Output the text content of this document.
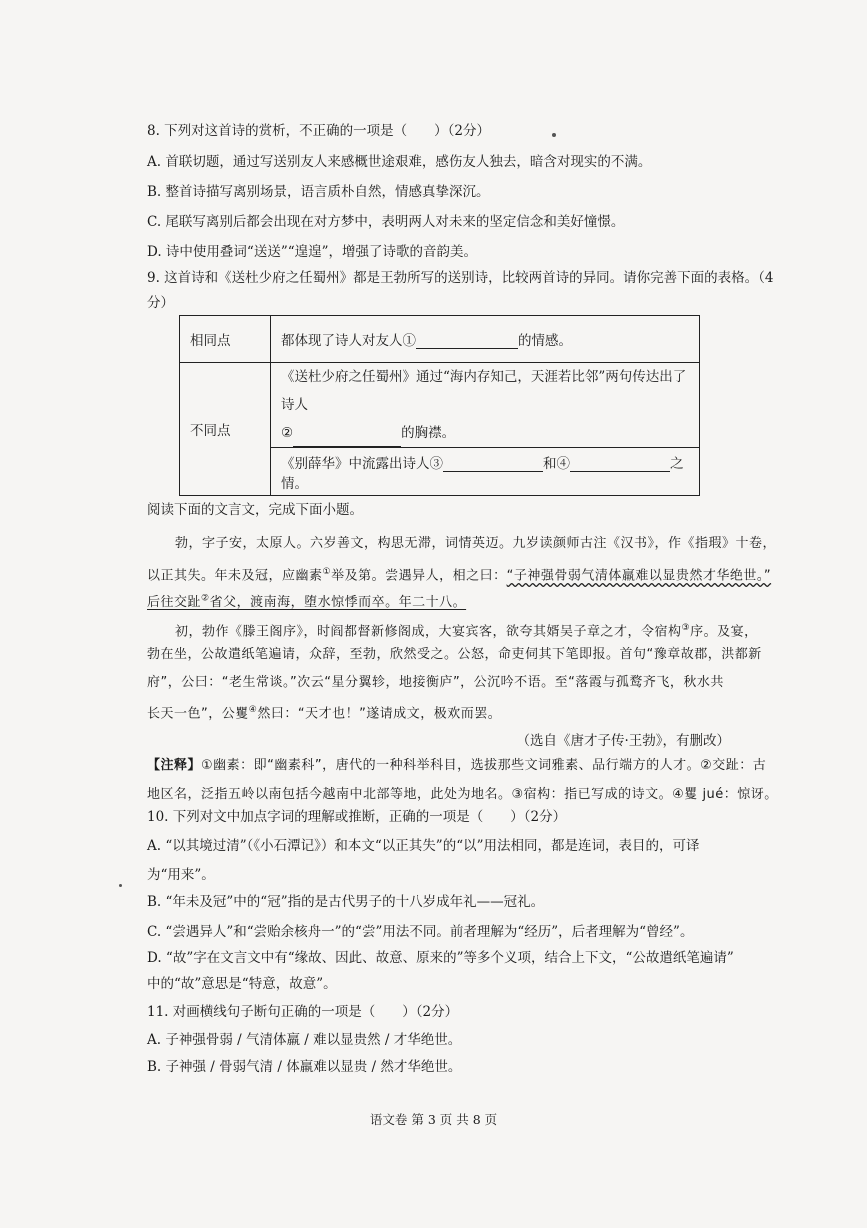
8. 下列对这首诗的赏析，不正确的一项是（　　）（2分）
A. 首联切题，通过写送别友人来感概世途艰难，感伤友人独去，暗含对现实的不满。
B. 整首诗描写离别场景，语言质朴自然，情感真挚深沉。
C. 尾联写离别后都会出现在对方梦中，表明两人对未来的坚定信念和美好憧憬。
D. 诗中使用叠词“送送”“遑遑”，增强了诗歌的音韵美。
9. 这首诗和《送杜少府之任蜀州》都是王勃所写的送别诗，比较两首诗的异同。请你完善下面的表格。（4
分）
相同点	都体现了诗人对友人① 的情感。
不同点	《送杜少府之任蜀州》通过“海内存知己，天涯若比邻”两句传达出了诗人
② 的胸襟。

	《别薛华》中流露出诗人③ 和④ 之情。
阅读下面的文言文，完成下面小题。
勃，字子安，太原人。六岁善文，构思无滞，词情英迈。九岁读颜师古注《汉书》，作《指瑕》十卷，
以正其失。年未及冠，应幽素①举及第。尝遇异人，相之曰：“子神强骨弱气清体羸难以显贵然才华绝世。”
后往交趾②省父，渡南海，堕水惊悸而卒。年二十八。
初，勃作《滕王阁序》，时阎都督新修阁成，大宴宾客，欲夸其婿吴子章之才，令宿构③序。及宴，
勃在坐，公故遣纸笔遍请，众辞，至勃，欣然受之。公怒，命吏伺其下笔即报。首句“豫章故郡，洪都新
府”，公曰：“老生常谈。”次云“星分翼轸，地接衡庐”，公沉吟不语。至“落霞与孤鹜齐飞，秋水共
长天一色”，公矍④然曰：“天才也！”遂请成文，极欢而罢。
（选自《唐才子传·王勃》，有删改）
【注释】①幽素：即“幽素科”，唐代的一种科举科目，选拔那些文词雅素、品行端方的人才。②交趾：古
地区名，泛指五岭以南包括今越南中北部等地，此处为地名。③宿构：指已写成的诗文。④矍 jué：惊讶。
10. 下列对文中加点字词的理解或推断，正确的一项是（　　）（2分）
A. “以其境过清”（《小石潭记》）和本文“以正其失”的“以”用法相同，都是连词，表目的，可译
为“用来”。
B. “年未及冠”中的“冠”指的是古代男子的十八岁成年礼——冠礼。
C. “尝遇异人”和“尝贻余核舟一”的“尝”用法不同。前者理解为“经历”，后者理解为“曾经”。
D. “故”字在文言文中有“缘故、因此、故意、原来的”等多个义项，结合上下文，“公故遣纸笔遍请”
中的“故”意思是“特意，故意”。
11. 对画横线句子断句正确的一项是（　　）（2分）
A. 子神强骨弱 / 气清体羸 / 难以显贵然 / 才华绝世。
B. 子神强 / 骨弱气清 / 体羸难以显贵 / 然才华绝世。
语文卷 第 3 页 共 8 页
